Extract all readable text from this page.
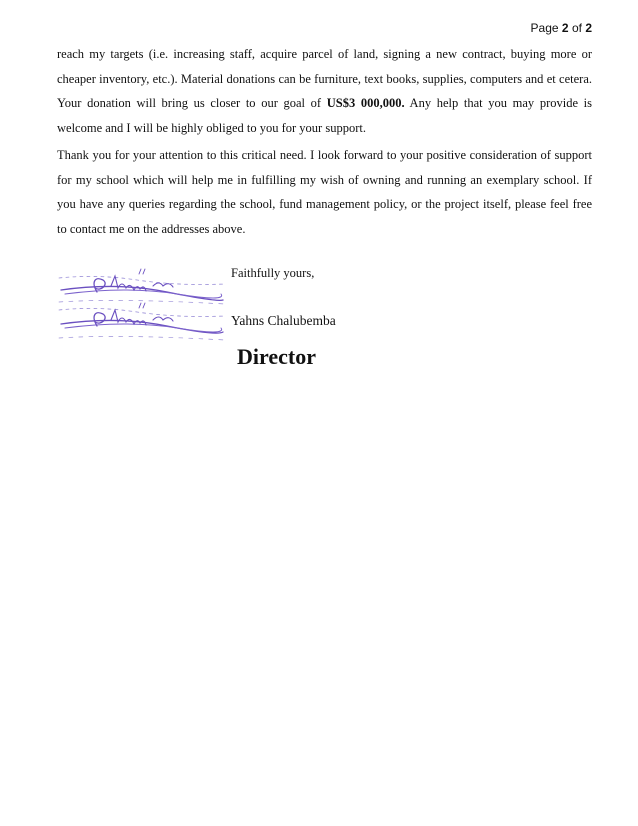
Page 2 of 2

reach my targets (i.e. increasing staff, acquire parcel of land, signing a new contract, buying more or cheaper inventory, etc.). Material donations can be furniture, text books, supplies, computers and et cetera. Your donation will bring us closer to our goal of US$3 000,000. Any help that you may provide is welcome and I will be highly obliged to you for your support.

Thank you for your attention to this critical need. I look forward to your positive consideration of support for my school which will help me in fulfilling my wish of owning and running an exemplary school. If you have any queries regarding the school, fund management policy, or the project itself, please feel free to contact me on the addresses above.

Faithfully yours,
Yahns Chalubemba
Director
